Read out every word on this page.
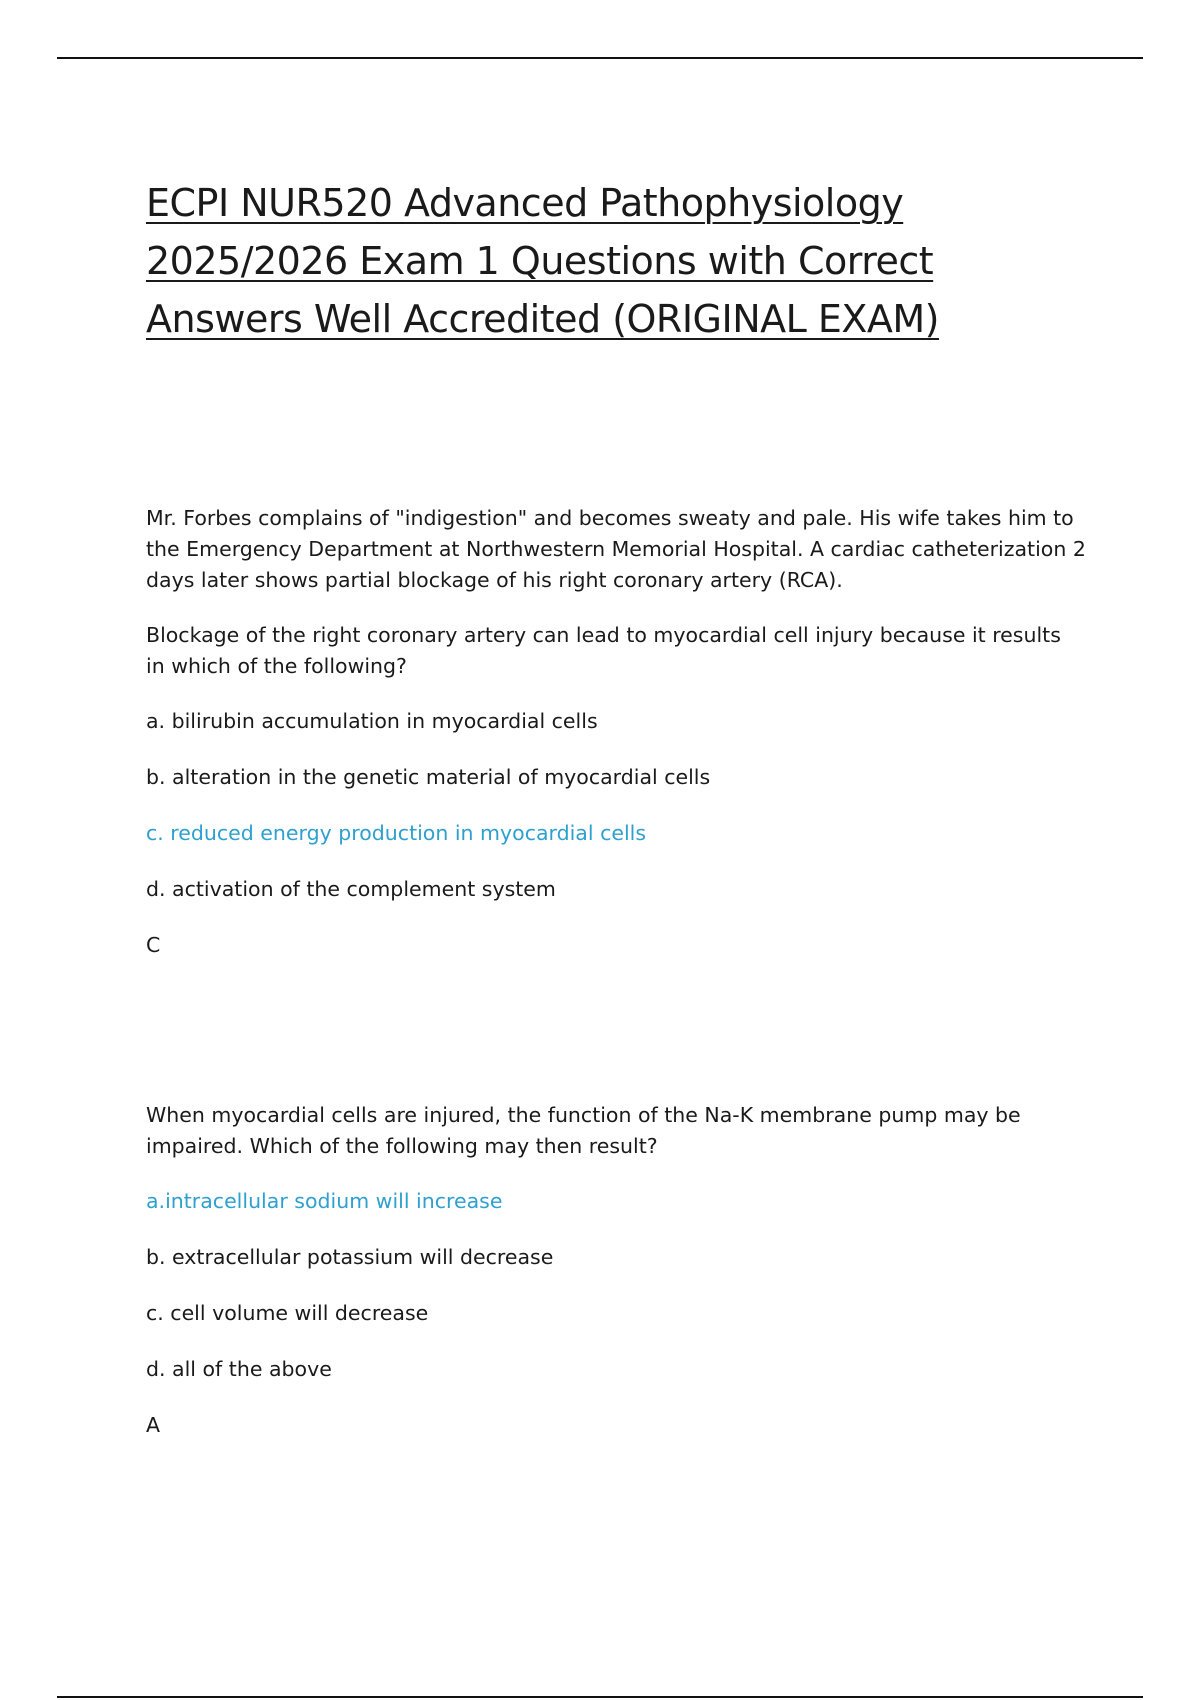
ECPI NUR520 Advanced Pathophysiology 2025/2026 Exam 1 Questions with Correct Answers Well Accredited (ORIGINAL EXAM)

Mr. Forbes complains of "indigestion" and becomes sweaty and pale. His wife takes him to the Emergency Department at Northwestern Memorial Hospital. A cardiac catheterization 2 days later shows partial blockage of his right coronary artery (RCA).

Blockage of the right coronary artery can lead to myocardial cell injury because it results in which of the following?

a. bilirubin accumulation in myocardial cells

b. alteration in the genetic material of myocardial cells

c. reduced energy production in myocardial cells

d. activation of the complement system

C

When myocardial cells are injured, the function of the Na-K membrane pump may be impaired. Which of the following may then result?

a.intracellular sodium will increase

b. extracellular potassium will decrease

c. cell volume will decrease

d. all of the above

A
